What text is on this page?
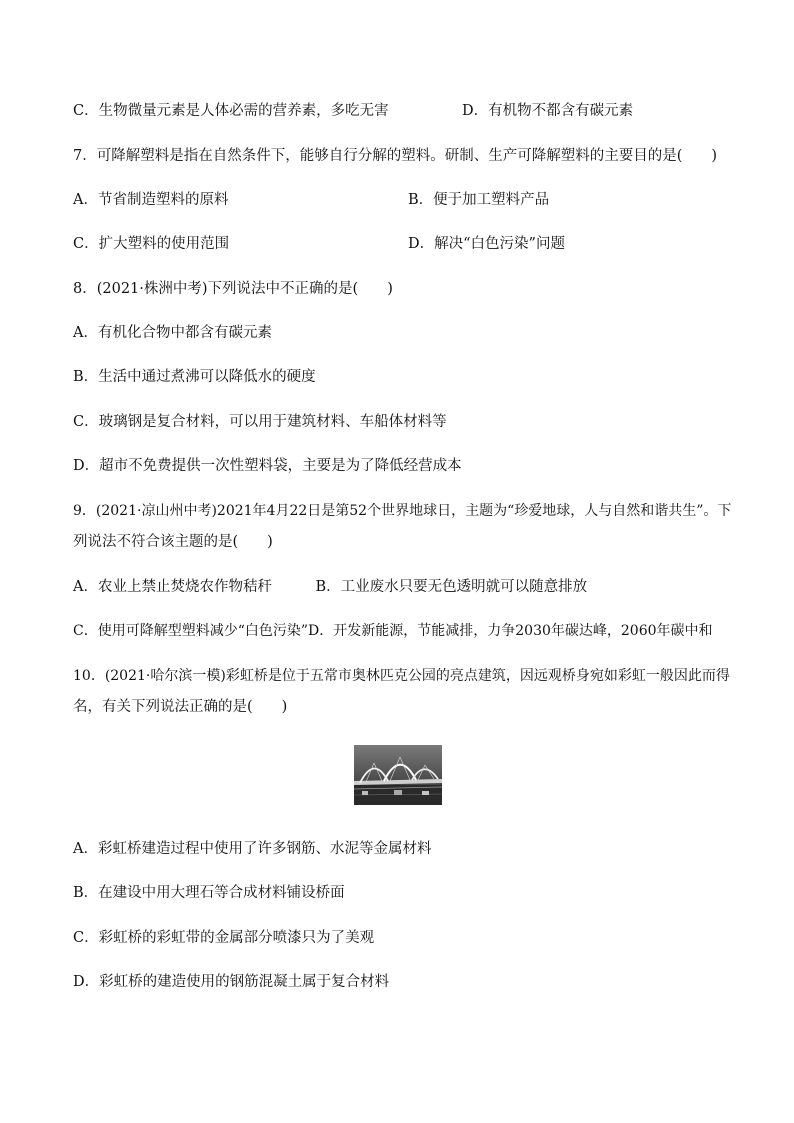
C．生物微量元素是人体必需的营养素，多吃无害	D．有机物不都含有碳元素
7．可降解塑料是指在自然条件下，能够自行分解的塑料。研制、生产可降解塑料的主要目的是(　　)
A．节省制造塑料的原料	B．便于加工塑料产品
C．扩大塑料的使用范围	D．解决“白色污染”问题
8．(2021·株洲中考)下列说法中不正确的是(　　)
A．有机化合物中都含有碳元素
B．生活中通过煮沸可以降低水的硬度
C．玻璃钢是复合材料，可以用于建筑材料、车船体材料等
D．超市不免费提供一次性塑料袋，主要是为了降低经营成本
9．(2021·凉山州中考)2021年4月22日是第52个世界地球日，主题为“珍爱地球，人与自然和谐共生”。下
列说法不符合该主题的是(　　)
A．农业上禁止焚烧农作物秸秆　　　B．工业废水只要无色透明就可以随意排放
C．使用可降解型塑料减少“白色污染”D．开发新能源，节能减排，力争2030年碳达峰，2060年碳中和
10．(2021·哈尔滨一模)彩虹桥是位于五常市奥林匹克公园的亮点建筑，因远观桥身宛如彩虹一般因此而得
名，有关下列说法正确的是(　　)
A．彩虹桥建造过程中使用了许多钢筋、水泥等金属材料
B．在建设中用大理石等合成材料铺设桥面
C．彩虹桥的彩虹带的金属部分喷漆只为了美观
D．彩虹桥的建造使用的钢筋混凝土属于复合材料
